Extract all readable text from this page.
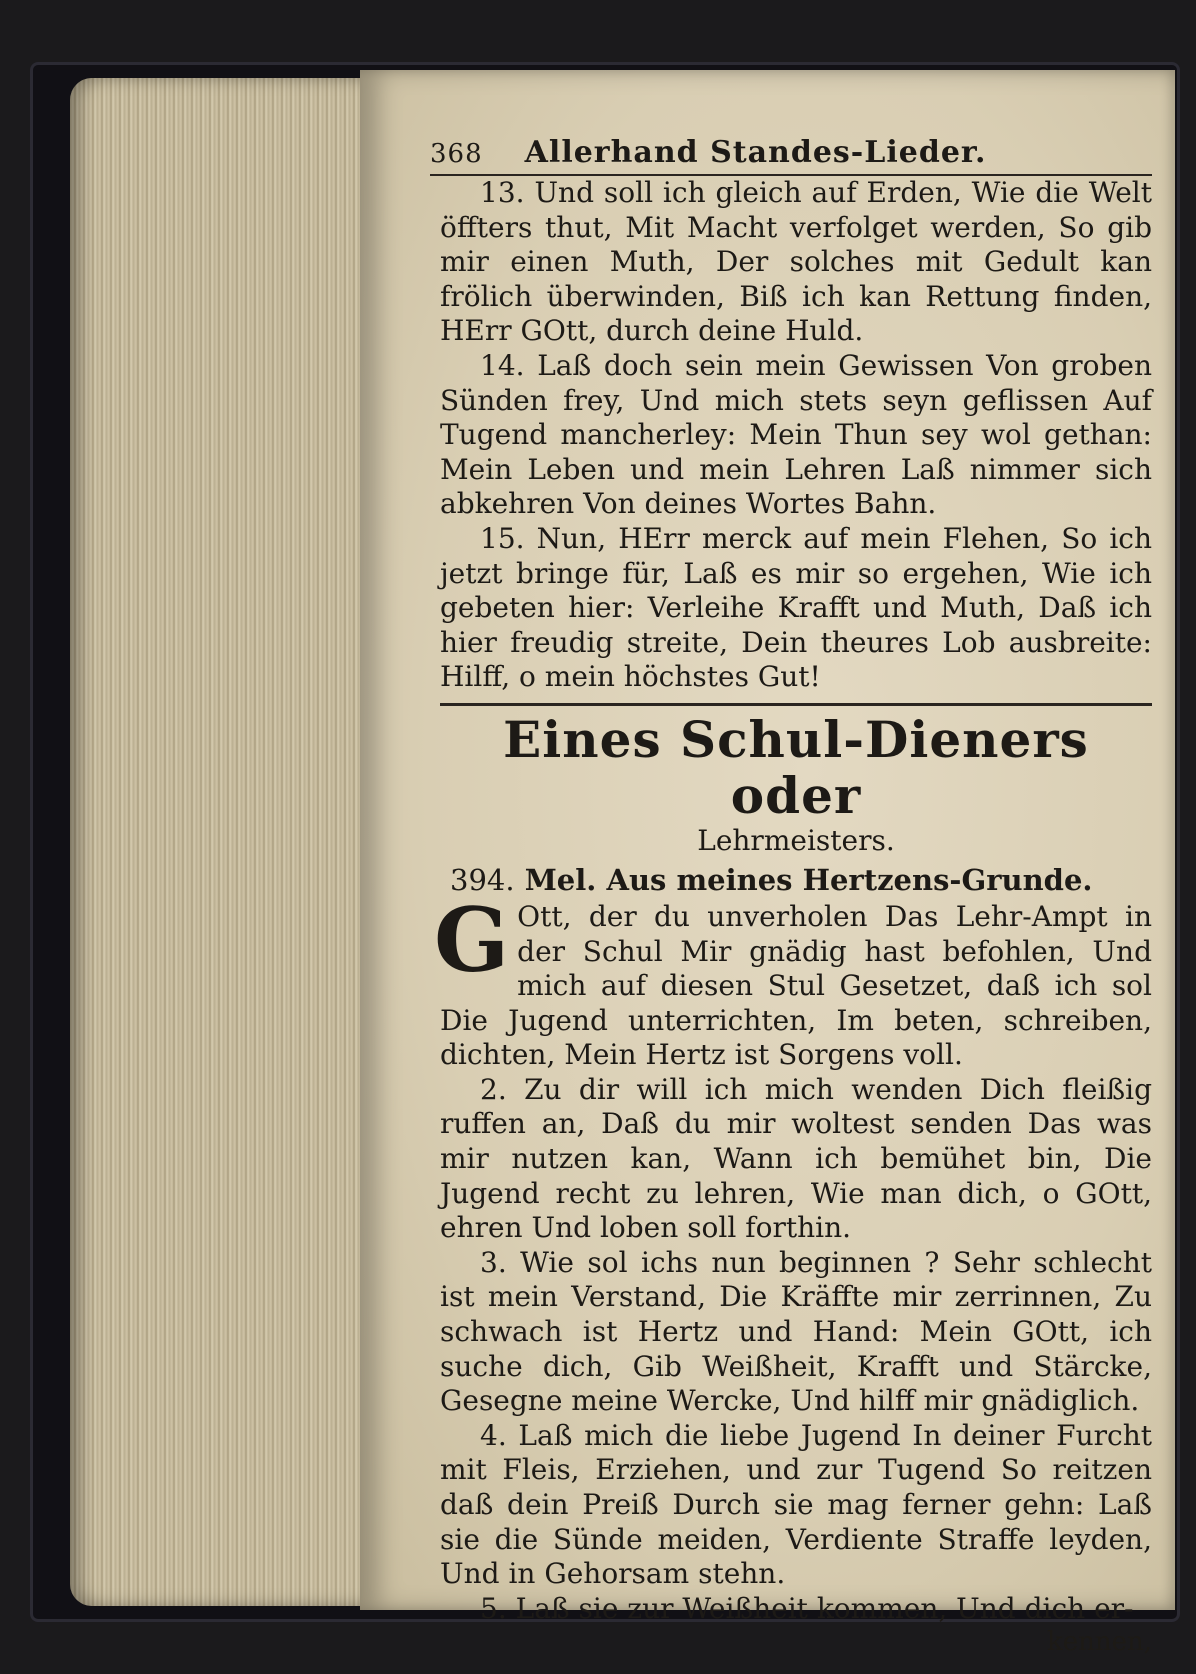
368 Allerhand Standes-Lieder.

13. Und soll ich gleich auf Erden, Wie die Welt öffters thut, Mit Macht verfolget werden, So gib mir einen Muth, Der solches mit Gedult kan frölich überwinden, Biß ich kan Rettung finden, HErr GOtt, durch deine Huld.

14. Laß doch sein mein Gewissen Von groben Sünden frey, Und mich stets seyn geflissen Auf Tugend mancherley: Mein Thun sey wol gethan: Mein Leben und mein Lehren Laß nimmer sich abkehren Von deines Wortes Bahn.

15. Nun, HErr merck auf mein Flehen, So ich jetzt bringe für, Laß es mir so ergehen, Wie ich gebeten hier: Verleihe Krafft und Muth, Daß ich hier freudig streite, Dein theures Lob ausbreite: Hilff, o mein höchstes Gut!

Eines Schul-Dieners oder

Lehrmeisters.

394. Mel. Aus meines Hertzens-Grunde.

G Ott, der du unverholen Das Lehr-Ampt in der Schul Mir gnädig hast befohlen, Und mich auf diesen Stul Gesetzet, daß ich sol Die Jugend unterrichten, Im beten, schreiben, dichten, Mein Hertz ist Sorgens voll.

2. Zu dir will ich mich wenden Dich fleißig ruffen an, Daß du mir woltest senden Das was mir nutzen kan, Wann ich bemühet bin, Die Jugend recht zu lehren, Wie man dich, o GOtt, ehren Und loben soll forthin.

3. Wie sol ichs nun beginnen ? Sehr schlecht ist mein Verstand, Die Kräffte mir zerrinnen, Zu schwach ist Hertz und Hand: Mein GOtt, ich suche dich, Gib Weißheit, Krafft und Stärcke, Gesegne meine Wercke, Und hilff mir gnädiglich.

4. Laß mich die liebe Jugend In deiner Furcht mit Fleis, Erziehen, und zur Tugend So reitzen daß dein Preiß Durch sie mag ferner gehn: Laß sie die Sünde meiden, Verdiente Straffe leyden, Und in Gehorsam stehn.

5. Laß sie zur Weißheit kommen, Und dich er-

kennen,
